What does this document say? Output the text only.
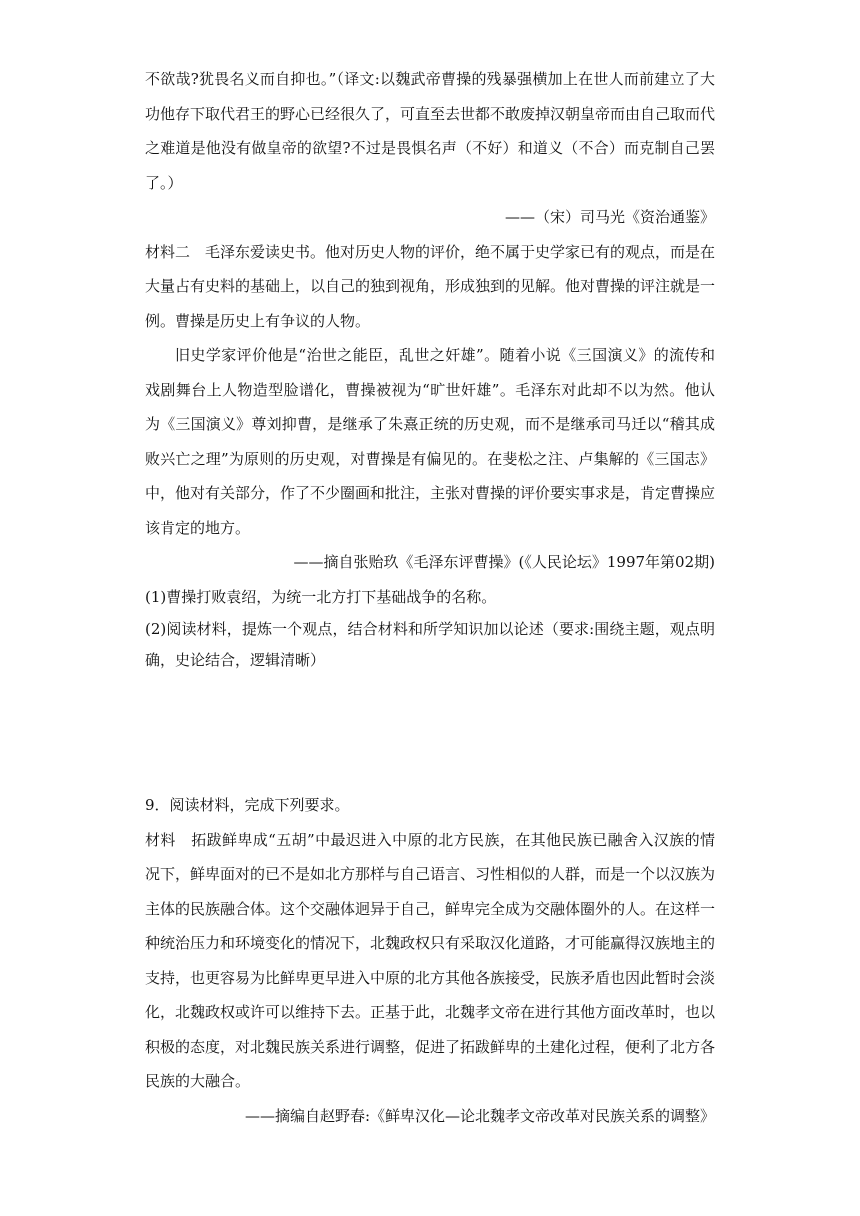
不欲哉?犹畏名义而自抑也。”（译文:以魏武帝曹操的残暴强横加上在世人而前建立了大功他存下取代君王的野心已经很久了，可直至去世都不敢废掉汉朝皇帝而由自己取而代之难道是他没有做皇帝的欲望?不过是畏惧名声（不好）和道义（不合）而克制自己罢了。）

——（宋）司马光《资治通鉴》

材料二　毛泽东爱读史书。他对历史人物的评价，绝不属于史学家已有的观点，而是在大量占有史料的基础上，以自己的独到视角，形成独到的见解。他对曹操的评注就是一例。曹操是历史上有争议的人物。

旧史学家评价他是“治世之能臣，乱世之奸雄”。随着小说《三国演义》的流传和戏剧舞台上人物造型脸谱化，曹操被视为“旷世奸雄”。毛泽东对此却不以为然。他认为《三国演义》尊刘抑曹，是继承了朱熹正统的历史观，而不是继承司马迁以“稽其成败兴亡之理”为原则的历史观，对曹操是有偏见的。在斐松之注、卢集解的《三国志》中，他对有关部分，作了不少圈画和批注，主张对曹操的评价要实事求是，肯定曹操应该肯定的地方。

——摘自张贻玖《毛泽东评曹操》(《人民论坛》1997年第02期)

(1)曹操打败袁绍，为统一北方打下基础战争的名称。

(2)阅读材料，提炼一个观点，结合材料和所学知识加以论述（要求:围绕主题，观点明确，史论结合，逻辑清晰）

9．阅读材料，完成下列要求。

材料　拓跋鲜卑成“五胡”中最迟进入中原的北方民族，在其他民族已融舍入汉族的情况下，鲜卑面对的已不是如北方那样与自己语言、习性相似的人群，而是一个以汉族为主体的民族融合体。这个交融体迥异于自己，鲜卑完全成为交融体圈外的人。在这样一种统治压力和环境变化的情况下，北魏政权只有采取汉化道路，才可能赢得汉族地主的支持，也更容易为比鲜卑更早进入中原的北方其他各族接受，民族矛盾也因此暂时会淡化，北魏政权或许可以维持下去。正基于此，北魏孝文帝在进行其他方面改革时，也以积极的态度，对北魏民族关系进行调整，促进了拓跋鲜卑的土建化过程，便利了北方各民族的大融合。

——摘编自赵野春:《鲜卑汉化—论北魏孝文帝改革对民族关系的调整》
